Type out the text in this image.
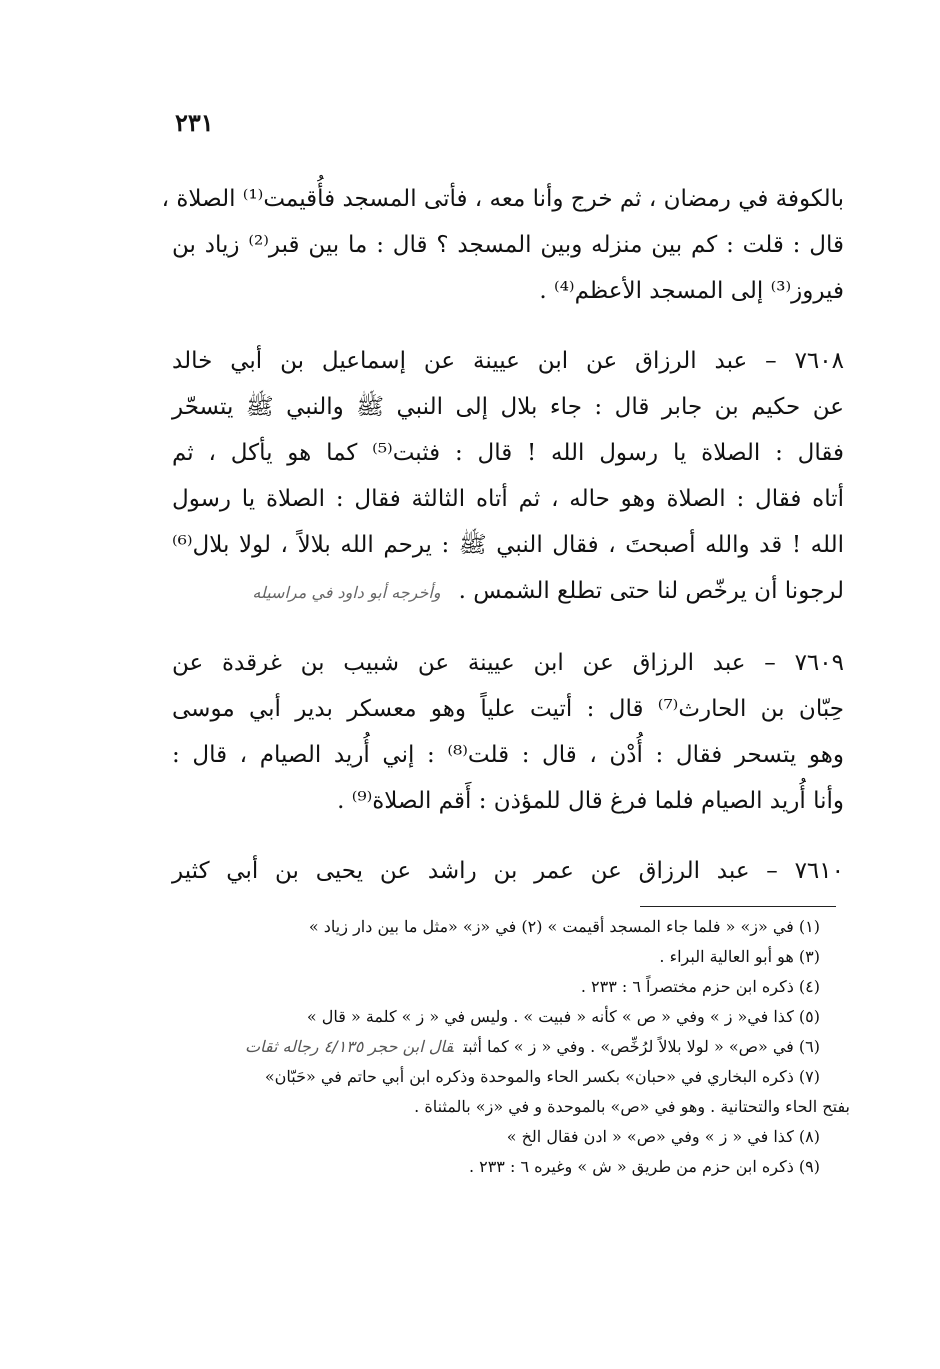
٢٣١
بالكوفة في رمضان ، ثم خرج وأنا معه ، فأتى المسجد فأُقيمت⁽¹⁾ الصلاة ،
قال : قلت : كم بين منزله وبين المسجد ؟ قال : ما بين قبر⁽²⁾ زياد بن
فيروز⁽³⁾ إلى المسجد الأعظم⁽⁴⁾ .
٧٦٠٨ – عبد الرزاق عن ابن عيينة عن إسماعيل بن أبي خالد
عن حكيم بن جابر قال : جاء بلال إلى النبي ﷺ والنبي ﷺ يتسحّر
فقال : الصلاة يا رسول الله ! قال : فثبت⁽⁵⁾ كما هو يأكل ، ثم
أتاه فقال : الصلاة وهو حاله ، ثم أتاه الثالثة فقال : الصلاة يا رسول
الله ! قد والله أصبحتَ ، فقال النبي ﷺ : يرحم الله بلالاً ، لولا بلال⁽⁶⁾
لرجونا أن يرخّص لنا حتى تطلع الشمس .وأخرجه أبو داود في مراسيله
٧٦٠٩ – عبد الرزاق عن ابن عيينة عن شبيب بن غرقدة عن
حِبّان بن الحارث⁽⁷⁾ قال : أتيت علياً وهو معسكر بدير أبي موسى
وهو يتسحر فقال : أُدْن ، قال : قلت⁽⁸⁾ : إني أُريد الصيام ، قال :
وأنا أُريد الصيام فلما فرغ قال للمؤذن : أَقم الصلاة⁽⁹⁾ .
٧٦١٠ – عبد الرزاق عن عمر بن راشد عن يحيى بن أبي كثير
(١) في «ز» « فلما جاء المسجد أقيمت » (٢) في «ز» «مثل ما بين دار زياد »
(٣) هو أبو العالية البراء .
(٤) ذكره ابن حزم مختصراً ٦ : ٢٣٣ .
(٥) كذا في« ز » وفي « ص » كأنه « فبيت » . وليس في « ز » كلمة « قال »
(٦) في «ص» « لولا بلالاً لرُخِّص» . وفي « ز » كما أثبتقال ابن حجر ٤/١٣٥ رجاله ثقات
(٧) ذكره البخاري في «حبان» بكسر الحاء والموحدة وذكره ابن أبي حاتم في «حَبّان»
بفتح الحاء والتحتانية . وهو في «ص» بالموحدة و في «ز» بالمثناة .
(٨) كذا في « ز » وفي «ص» « ادن فقال الخ »
(٩) ذكره ابن حزم من طريق « ش » وغيره ٦ : ٢٣٣ .
